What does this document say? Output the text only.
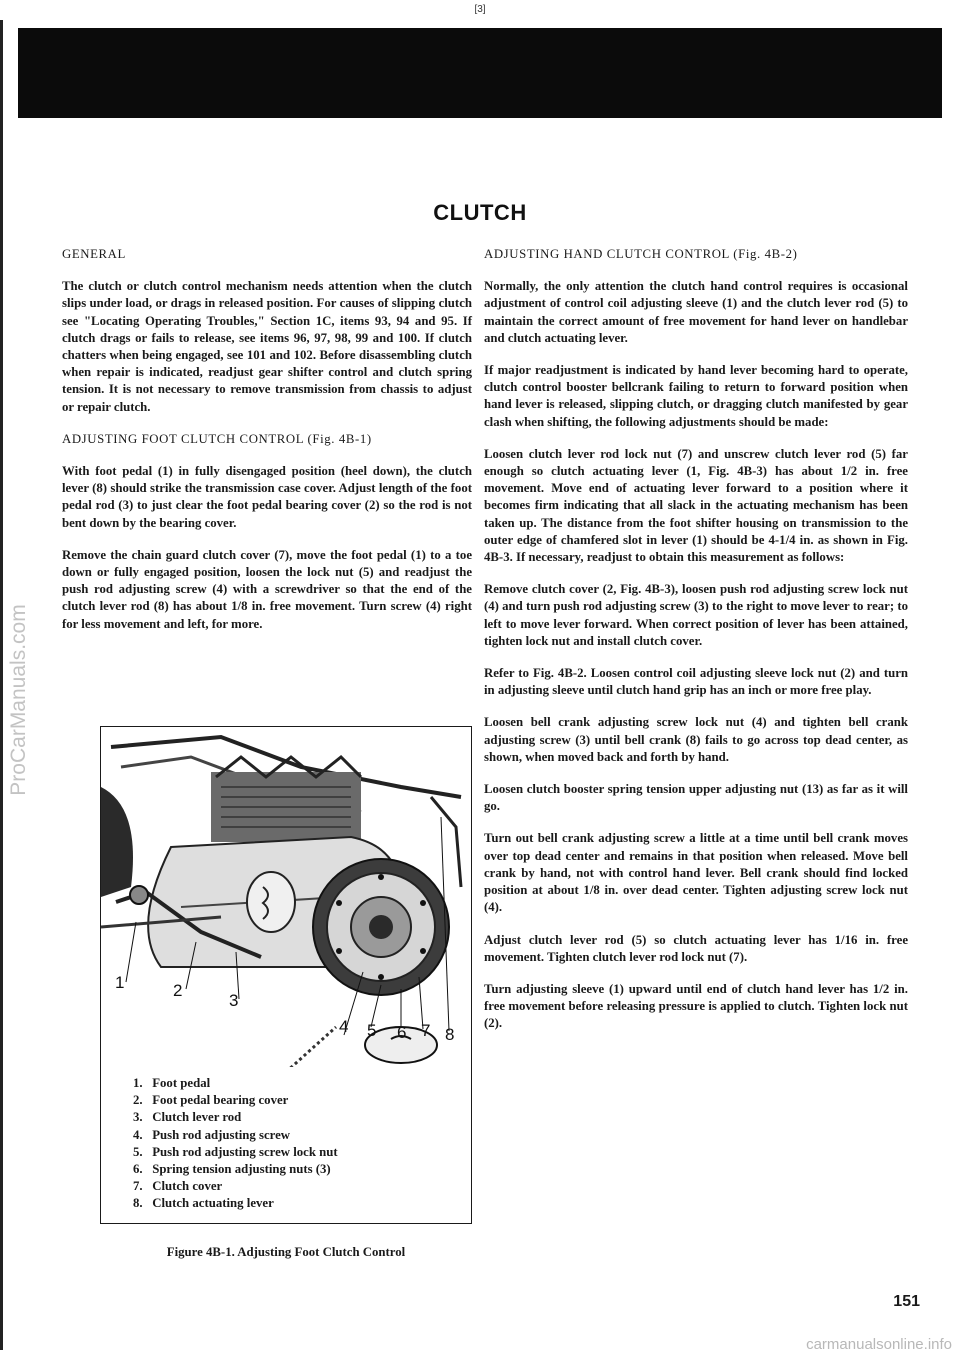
[3]
ProCarManuals.com
CLUTCH
GENERAL

The clutch or clutch control mechanism needs attention when the clutch slips under load, or drags in released position. For causes of slipping clutch see "Locating Operating Troubles," Section 1C, items 93, 94 and 95. If clutch drags or fails to release, see items 96, 97, 98, 99 and 100. If clutch chatters when being engaged, see 101 and 102. Before disassembling clutch when repair is indicated, readjust gear shifter control and clutch spring tension. It is not necessary to remove transmission from chassis to adjust or repair clutch.

ADJUSTING FOOT CLUTCH CONTROL (Fig. 4B-1)

With foot pedal (1) in fully disengaged position (heel down), the clutch lever (8) should strike the transmission case cover. Adjust length of the foot pedal rod (3) to just clear the foot pedal bearing cover (2) so the rod is not bent down by the bearing cover.

Remove the chain guard clutch cover (7), move the foot pedal (1) to a toe down or fully engaged position, loosen the lock nut (5) and readjust the push rod adjusting screw (4) with a screwdriver so that the end of the clutch lever rod (8) has about 1/8 in. free movement. Turn screw (4) right for less movement and left, for more.

1	2
3
4 5 6 7 8
1. Foot pedal
2. Foot pedal bearing cover
3. Clutch lever rod
4. Push rod adjusting screw
5. Push rod adjusting screw lock nut
6. Spring tension adjusting nuts (3)
7. Clutch cover
8. Clutch actuating lever
Figure 4B-1. Adjusting Foot Clutch Control
ADJUSTING HAND CLUTCH CONTROL (Fig. 4B-2)

Normally, the only attention the clutch hand control requires is occasional adjustment of control coil adjusting sleeve (1) and the clutch lever rod (5) to maintain the correct amount of free movement for hand lever on handlebar and clutch actuating lever.

If major readjustment is indicated by hand lever becoming hard to operate, clutch control booster bellcrank failing to return to forward position when hand lever is released, slipping clutch, or dragging clutch manifested by gear clash when shifting, the following adjustments should be made:

Loosen clutch lever rod lock nut (7) and unscrew clutch lever rod (5) far enough so clutch actuating lever (1, Fig. 4B-3) has about 1/2 in. free movement. Move end of actuating lever forward to a position where it becomes firm indicating that all slack in the actuating mechanism has been taken up. The distance from the foot shifter housing on transmission to the outer edge of chamfered slot in lever (1) should be 4-1/4 in. as shown in Fig. 4B-3. If necessary, readjust to obtain this measurement as follows:

Remove clutch cover (2, Fig. 4B-3), loosen push rod adjusting screw lock nut (4) and turn push rod adjusting screw (3) to the right to move lever to rear; to left to move lever forward. When correct position of lever has been attained, tighten lock nut and install clutch cover.

Refer to Fig. 4B-2. Loosen control coil adjusting sleeve lock nut (2) and turn in adjusting sleeve until clutch hand grip has an inch or more free play.

Loosen bell crank adjusting screw lock nut (4) and tighten bell crank adjusting screw (3) until bell crank (8) fails to go across top dead center, as shown, when moved back and forth by hand.

Loosen clutch booster spring tension upper adjusting nut (13) as far as it will go.

Turn out bell crank adjusting screw a little at a time until bell crank moves over top dead center and remains in that position when released. Move bell crank by hand, not with control hand lever. Bell crank should find locked position at about 1/8 in. over dead center. Tighten adjusting screw lock nut (4).

Adjust clutch lever rod (5) so clutch actuating lever has 1/16 in. free movement. Tighten clutch lever rod lock nut (7).

Turn adjusting sleeve (1) upward until end of clutch hand lever has 1/2 in. free movement before releasing pressure is applied to clutch. Tighten lock nut (2).

151
carmanualsonline.info
